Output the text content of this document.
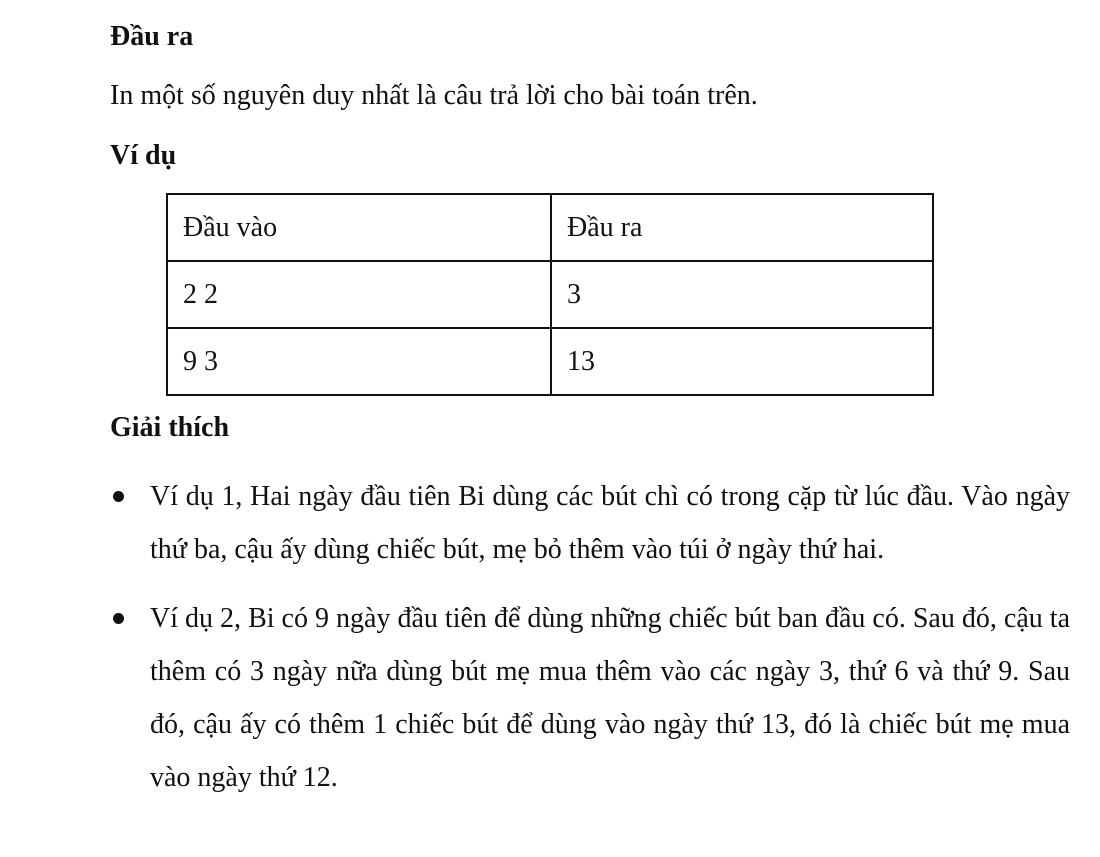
Đầu ra

In một số nguyên duy nhất là câu trả lời cho bài toán trên.

Ví dụ
Đầu vào	Đầu ra
2 2	3
9 3	13
Giải thích
Ví dụ 1, Hai ngày đầu tiên Bi dùng các bút chì có trong cặp từ lúc đầu. Vào ngày thứ ba, cậu ấy dùng chiếc bút, mẹ bỏ thêm vào túi ở ngày thứ hai.
Ví dụ 2, Bi có 9 ngày đầu tiên để dùng những chiếc bút ban đầu có. Sau đó, cậu ta thêm có 3 ngày nữa dùng bút mẹ mua thêm vào các ngày 3, thứ 6 và thứ 9. Sau đó, cậu ấy có thêm 1 chiếc bút để dùng vào ngày thứ 13, đó là chiếc bút mẹ mua vào ngày thứ 12.
